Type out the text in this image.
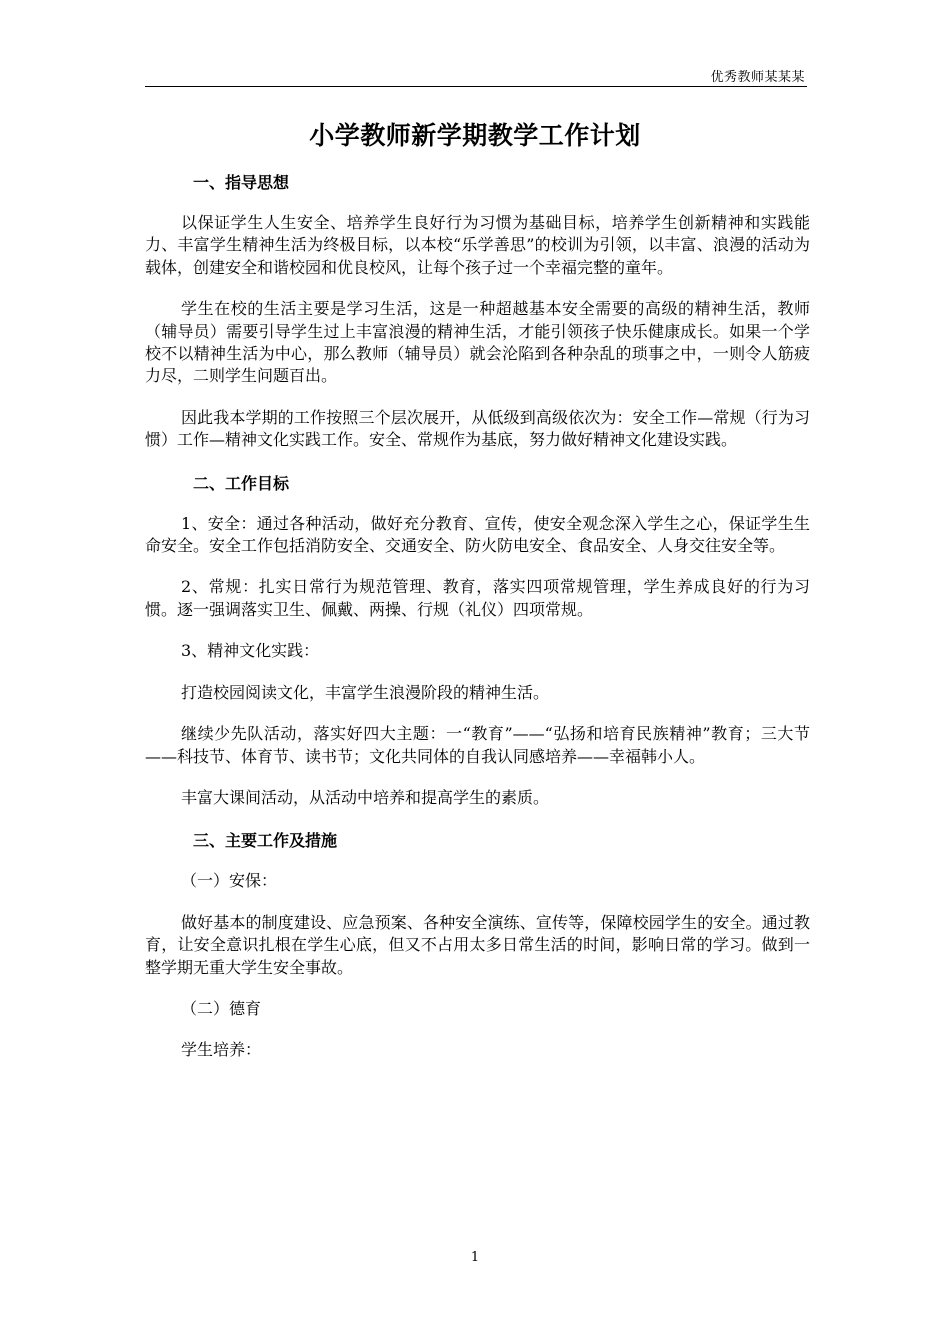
优秀教师某某某
小学教师新学期教学工作计划
一、指导思想

以保证学生人生安全、培养学生良好行为习惯为基础目标，培养学生创新精神和实践能力、丰富学生精神生活为终极目标，以本校“乐学善思”的校训为引领，以丰富、浪漫的活动为载体，创建安全和谐校园和优良校风，让每个孩子过一个幸福完整的童年。

学生在校的生活主要是学习生活，这是一种超越基本安全需要的高级的精神生活，教师（辅导员）需要引导学生过上丰富浪漫的精神生活，才能引领孩子快乐健康成长。如果一个学校不以精神生活为中心，那么教师（辅导员）就会沦陷到各种杂乱的琐事之中，一则令人筋疲力尽，二则学生问题百出。

因此我本学期的工作按照三个层次展开，从低级到高级依次为：安全工作—常规（行为习惯）工作—精神文化实践工作。安全、常规作为基底，努力做好精神文化建设实践。

二、工作目标

1、安全：通过各种活动，做好充分教育、宣传，使安全观念深入学生之心，保证学生生命安全。安全工作包括消防安全、交通安全、防火防电安全、食品安全、人身交往安全等。

2、常规：扎实日常行为规范管理、教育，落实四项常规管理，学生养成良好的行为习惯。逐一强调落实卫生、佩戴、两操、行规（礼仪）四项常规。

3、精神文化实践：

打造校园阅读文化，丰富学生浪漫阶段的精神生活。

继续少先队活动，落实好四大主题：一“教育”——“弘扬和培育民族精神”教育；三大节——科技节、体育节、读书节；文化共同体的自我认同感培养——幸福韩小人。

丰富大课间活动，从活动中培养和提高学生的素质。

三、主要工作及措施

（一）安保：

做好基本的制度建设、应急预案、各种安全演练、宣传等，保障校园学生的安全。通过教育，让安全意识扎根在学生心底，但又不占用太多日常生活的时间，影响日常的学习。做到一整学期无重大学生安全事故。

（二）德育

学生培养：

1
